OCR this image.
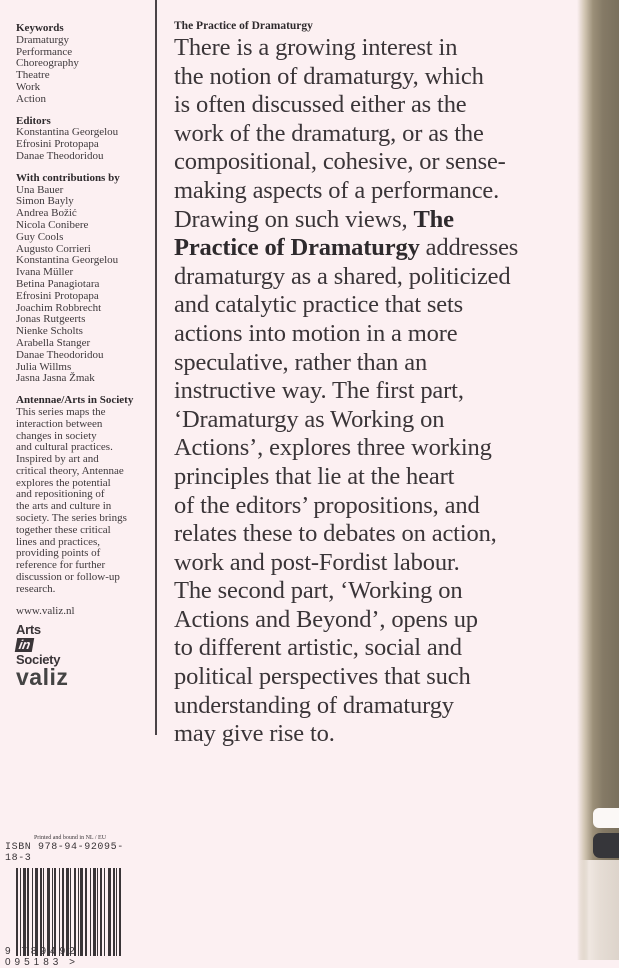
Keywords
Dramaturgy
Performance
Choreography
Theatre
Work
Action
Editors
Konstantina Georgelou
Efrosini Protopapa
Danae Theodoridou
With contributions by
Una Bauer
Simon Bayly
Andrea Božić
Nicola Conibere
Guy Cools
Augusto Corrieri
Konstantina Georgelou
Ivana Müller
Betina Panagiotara
Efrosini Protopapa
Joachim Robbrecht
Jonas Rutgeerts
Nienke Scholts
Arabella Stanger
Danae Theodoridou
Julia Willms
Jasna Jasna Žmak
Antennae/Arts in Society
This series maps the
interaction between
changes in society
and cultural practices.
Inspired by art and
critical theory, Antennae
explores the potential
and repositioning of
the arts and culture in
society. The series brings
together these critical
lines and practices,
providing points of
reference for further
discussion or follow-up
research.
www.valiz.nl
Arts
in
Society
valiz
The Practice of Dramaturgy
There is a growing interest in
the notion of dramaturgy, which
is often discussed either as the
work of the dramaturg, or as the
compositional, cohesive, or sense-
making aspects of a performance.
Drawing on such views, The
Practice of Dramaturgy addresses
dramaturgy as a shared, politicized
and catalytic practice that sets
actions into motion in a more
speculative, rather than an
instructive way. The first part,
‘Dramaturgy as Working on
Actions’, explores three working
principles that lie at the heart
of the editors’ propositions, and
relates these to debates on action,
work and post-Fordist labour.
The second part, ‘Working on
Actions and Beyond’, opens up
to different artistic, social and
political perspectives that such
understanding of dramaturgy
may give rise to.
Printed and bound in NL / EU
ISBN 978-94-92095-18-3
9 789492 095183 >
